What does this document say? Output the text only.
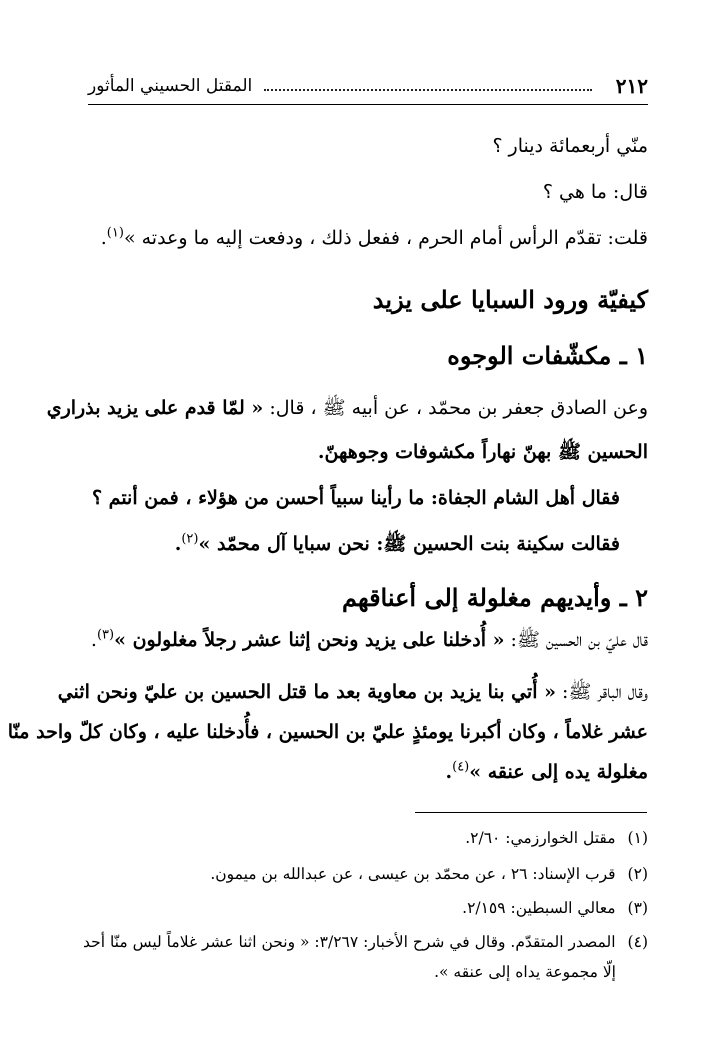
٢١٢
المقتل الحسيني المأثور
منّي أربعمائة دينار ؟
قال: ما هي ؟
قلت: تقدّم الرأس أمام الحرم ، ففعل ذلك ، ودفعت إليه ما وعدته »$^{(١)}$.
كيفيّة ورود السبايا على يزيد
١ ـ مكشّفات الوجوه
وعن الصادق جعفر بن محمّد ، عن أبيه ﷺ ، قال: « لمّا قدم على يزيد بذراري
الحسين ﷺ بهنّ نهاراً مكشوفات وجوههنّ.
فقال أهل الشام الجفاة: ما رأينا سبياً أحسن من هؤلاء ، فمن أنتم ؟
فقالت سكينة بنت الحسين ﷺ: نحن سبايا آل محمّد »$^{(٢)}$.
٢ ـ وأيديهم مغلولة إلى أعناقهم
قال عليّ بن الحسين ﷺ: « أُدخلنا على يزيد ونحن إثنا عشر رجلاً مغلولون »$^{(٣)}$.
وقال الباقر ﷺ: « أُتي بنا يزيد بن معاوية بعد ما قتل الحسين بن عليّ ونحن اثني
عشر غلاماً ، وكان أكبرنا يومئذٍ عليّ بن الحسين ، فأُدخلنا عليه ، وكان كلّ واحد منّا
مغلولة يده إلى عنقه »$^{(٤)}$.
(١)مقتل الخوارزمي: ٢/٦٠.
(٢)قرب الإسناد: ٢٦ ، عن محمّد بن عيسى ، عن عبدالله بن ميمون.
(٣)معالي السبطين: ٢/١٥٩.
(٤)المصدر المتقدّم. وقال في شرح الأخبار: ٣/٢٦٧: « ونحن اثنا عشر غلاماً ليس منّا أحد
إلّا مجموعة يداه إلى عنقه ».
